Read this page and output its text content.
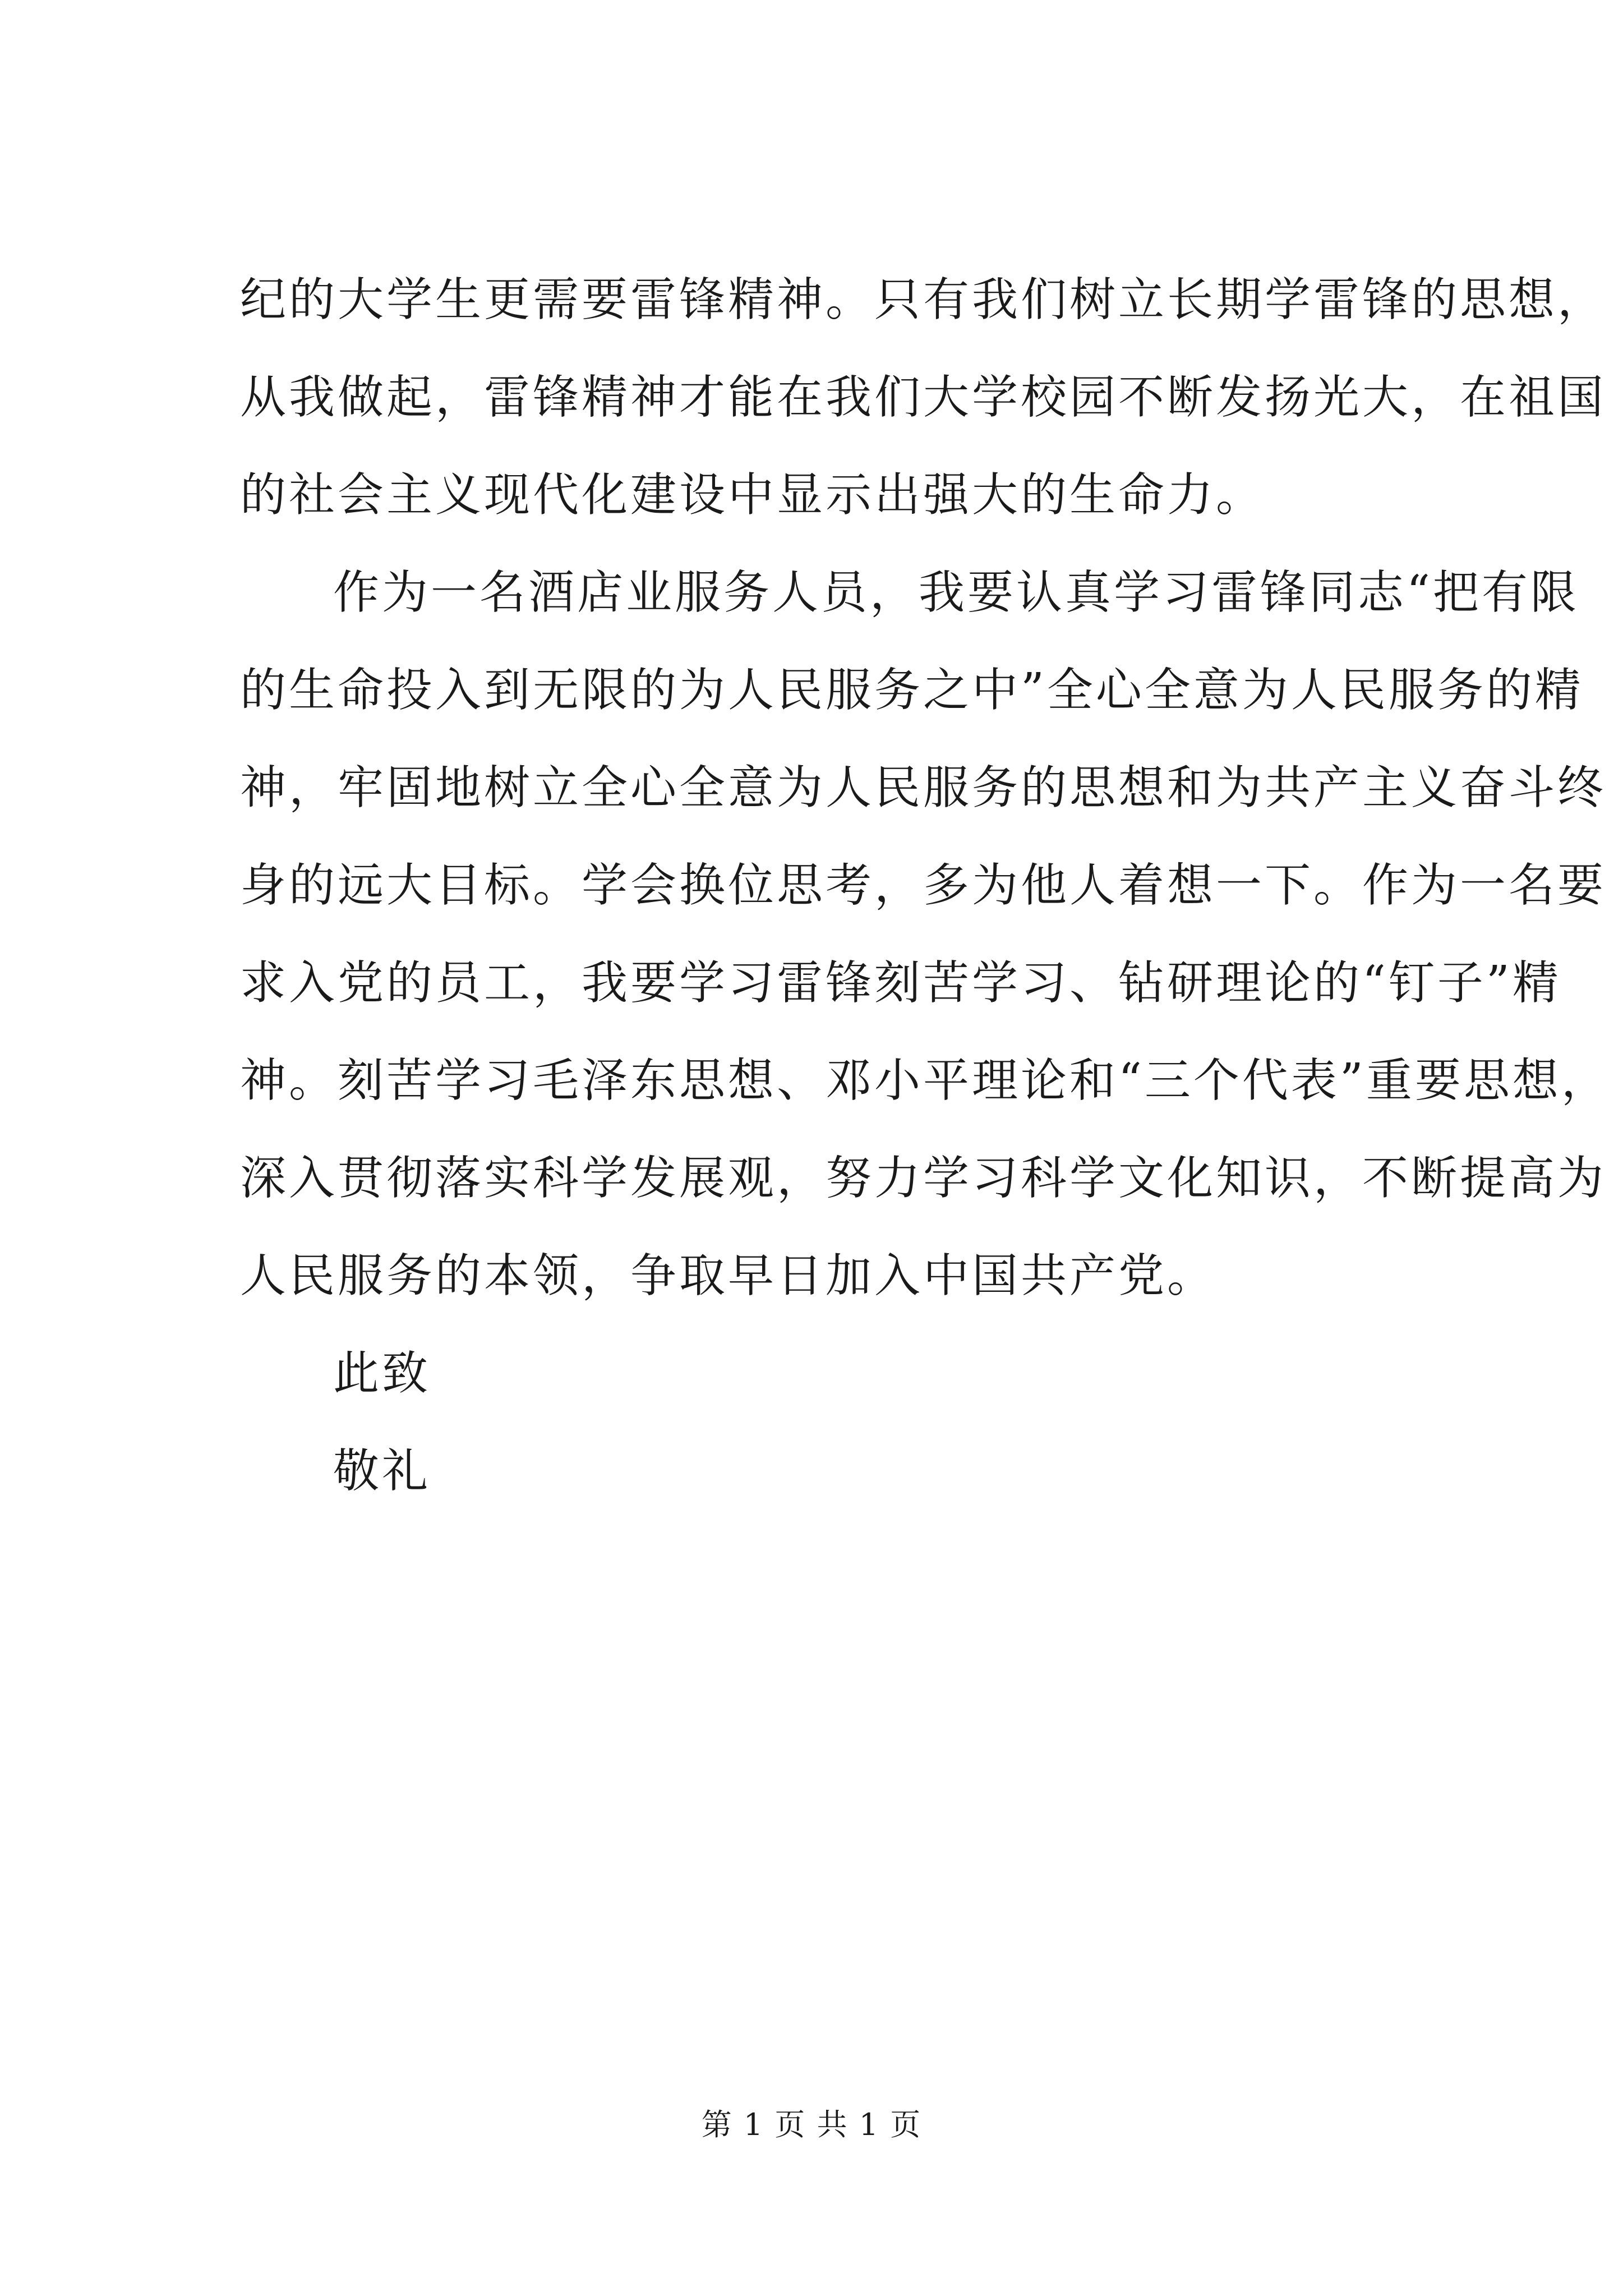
纪的大学生更需要雷锋精神。只有我们树立长期学雷锋的思想，
从我做起，雷锋精神才能在我们大学校园不断发扬光大，在祖国
的社会主义现代化建设中显示出强大的生命力。
作为一名酒店业服务人员，我要认真学习雷锋同志“把有限
的生命投入到无限的为人民服务之中”全心全意为人民服务的精
神，牢固地树立全心全意为人民服务的思想和为共产主义奋斗终
身的远大目标。学会换位思考，多为他人着想一下。作为一名要
求入党的员工，我要学习雷锋刻苦学习、钻研理论的“钉子”精
神。刻苦学习毛泽东思想、邓小平理论和“三个代表”重要思想，
深入贯彻落实科学发展观，努力学习科学文化知识，不断提高为
人民服务的本领，争取早日加入中国共产党。
此致
敬礼
第 1 页 共 1 页
